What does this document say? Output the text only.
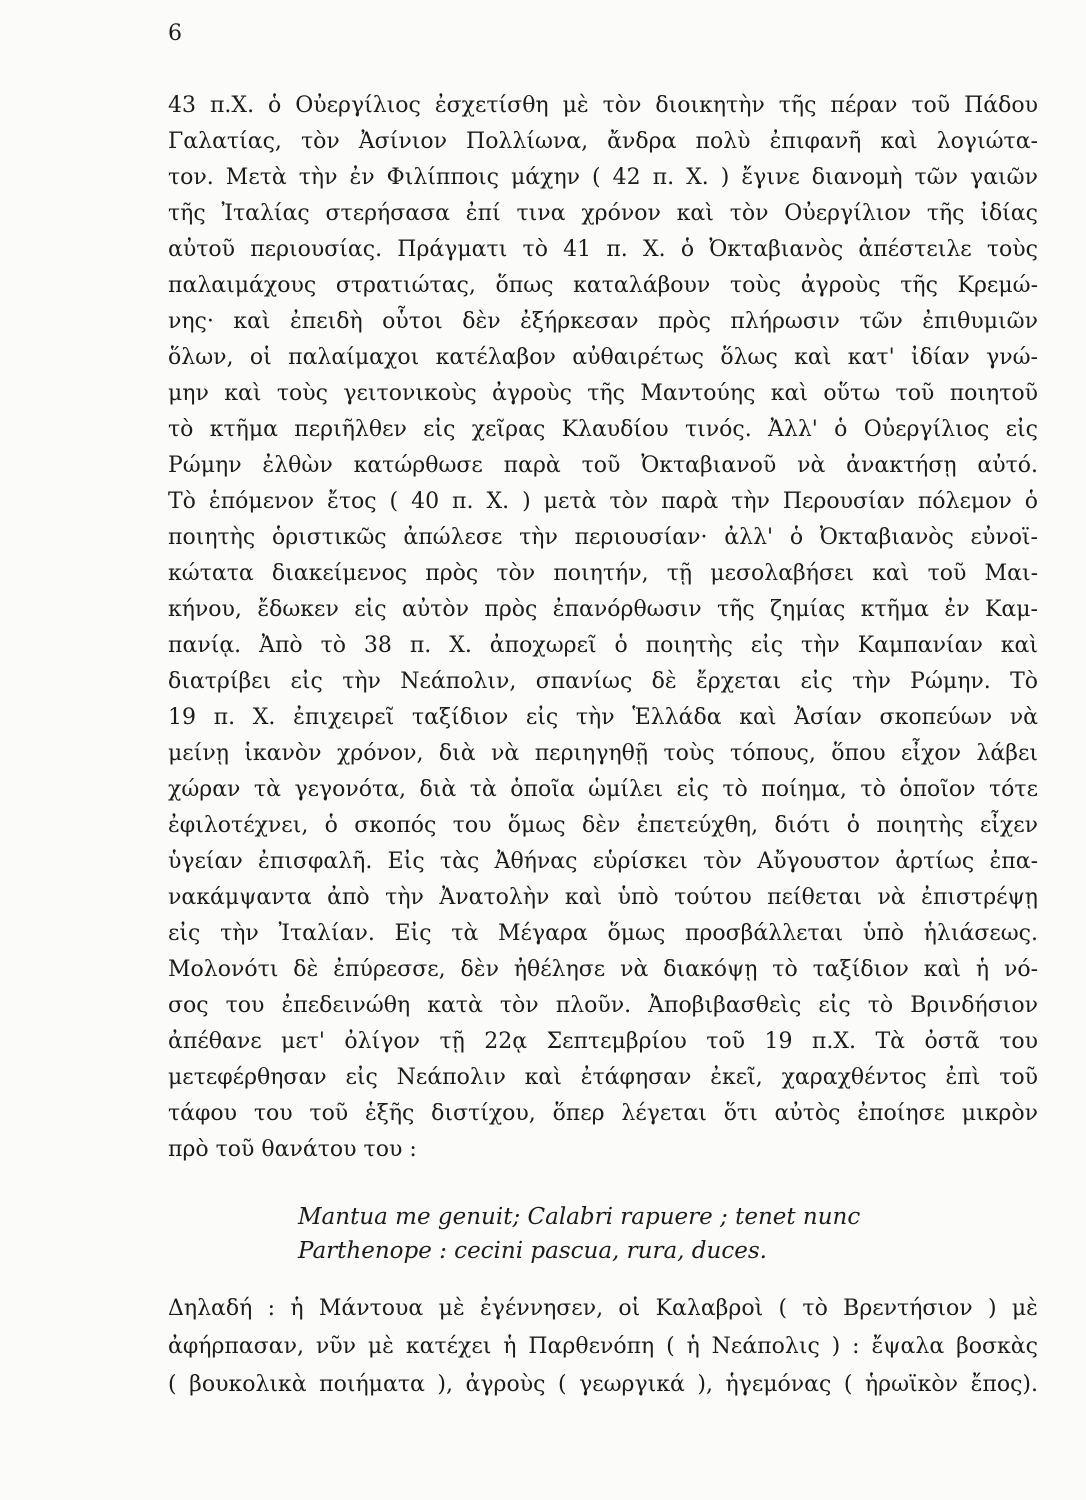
6
43 π.Χ. ὁ Οὐεργίλιος ἐσχετίσθη μὲ τὸν διοικητὴν τῆς πέραν τοῦ Πάδου
Γαλατίας, τὸν Ἀσίνιον Πολλίωνα, ἄνδρα πολὺ ἐπιφανῆ καὶ λογιώτα-
τον. Μετὰ τὴν ἐν Φιλίπποις μάχην ( 42 π. Χ. ) ἔγινε διανομὴ τῶν γαιῶν
τῆς Ἰταλίας στερήσασα ἐπί τινα χρόνον καὶ τὸν Οὐεργίλιον τῆς ἰδίας
αὐτοῦ περιουσίας. Πράγματι τὸ 41 π. Χ. ὁ Ὀκταβιανὸς ἀπέστειλε τοὺς
παλαιμάχους στρατιώτας, ὅπως καταλάβουν τοὺς ἀγροὺς τῆς Κρεμώ-
νης· καὶ ἐπειδὴ οὗτοι δὲν ἐξήρκεσαν πρὸς πλήρωσιν τῶν ἐπιθυμιῶν
ὅλων, οἱ παλαίμαχοι κατέλαβον αὐθαιρέτως ὅλως καὶ κατ' ἰδίαν γνώ-
μην καὶ τοὺς γειτονικοὺς ἀγροὺς τῆς Μαντούης καὶ οὕτω τοῦ ποιητοῦ
τὸ κτῆμα περιῆλθεν εἰς χεῖρας Κλαυδίου τινός. Ἀλλ' ὁ Οὐεργίλιος εἰς
Ρώμην ἐλθὼν κατώρθωσε παρὰ τοῦ Ὀκταβιανοῦ νὰ ἀνακτήσῃ αὐτό.
Τὸ ἑπόμενον ἔτος ( 40 π. Χ. ) μετὰ τὸν παρὰ τὴν Περουσίαν πόλεμον ὁ
ποιητὴς ὁριστικῶς ἀπώλεσε τὴν περιουσίαν· ἀλλ' ὁ Ὀκταβιανὸς εὐνοϊ-
κώτατα διακείμενος πρὸς τὸν ποιητήν, τῇ μεσολαβήσει καὶ τοῦ Μαι-
κήνου, ἔδωκεν εἰς αὐτὸν πρὸς ἐπανόρθωσιν τῆς ζημίας κτῆμα ἐν Καμ-
πανίᾳ. Ἀπὸ τὸ 38 π. Χ. ἀποχωρεῖ ὁ ποιητὴς εἰς τὴν Καμπανίαν καὶ
διατρίβει εἰς τὴν Νεάπολιν, σπανίως δὲ ἔρχεται εἰς τὴν Ρώμην. Τὸ
19 π. Χ. ἐπιχειρεῖ ταξίδιον εἰς τὴν Ἑλλάδα καὶ Ἀσίαν σκοπεύων νὰ
μείνῃ ἱκανὸν χρόνον, διὰ νὰ περιηγηθῇ τοὺς τόπους, ὅπου εἶχον λάβει
χώραν τὰ γεγονότα, διὰ τὰ ὁποῖα ὡμίλει εἰς τὸ ποίημα, τὸ ὁποῖον τότε
ἐφιλοτέχνει, ὁ σκοπός του ὅμως δὲν ἐπετεύχθη, διότι ὁ ποιητὴς εἶχεν
ὑγείαν ἐπισφαλῆ. Εἰς τὰς Ἀθήνας εὑρίσκει τὸν Αὔγουστον ἀρτίως ἐπα-
νακάμψαντα ἀπὸ τὴν Ἀνατολὴν καὶ ὑπὸ τούτου πείθεται νὰ ἐπιστρέψῃ
εἰς τὴν Ἰταλίαν. Εἰς τὰ Μέγαρα ὅμως προσβάλλεται ὑπὸ ἡλιάσεως.
Μολονότι δὲ ἐπύρεσσε, δὲν ἠθέλησε νὰ διακόψῃ τὸ ταξίδιον καὶ ἡ νό-
σος του ἐπεδεινώθη κατὰ τὸν πλοῦν. Ἀποβιβασθεὶς εἰς τὸ Βρινδήσιον
ἀπέθανε μετ' ὀλίγον τῇ 22ᾳ Σεπτεμβρίου τοῦ 19 π.Χ. Τὰ ὀστᾶ του
μετεφέρθησαν εἰς Νεάπολιν καὶ ἐτάφησαν ἐκεῖ, χαραχθέντος ἐπὶ τοῦ
τάφου του τοῦ ἑξῆς διστίχου, ὅπερ λέγεται ὅτι αὐτὸς ἐποίησε μικρὸν
πρὸ τοῦ θανάτου του :
Mantua me genuit; Calabri rapuere ; tenet nunc
Parthenope : cecini pascua, rura, duces.
Δηλαδή : ἡ Μάντουα μὲ ἐγέννησεν, οἱ Καλαβροὶ ( τὸ Βρεντήσιον ) μὲ
ἀφήρπασαν, νῦν μὲ κατέχει ἡ Παρθενόπη ( ἡ Νεάπολις ) : ἔψαλα βοσκὰς
( βουκολικὰ ποιήματα ), ἀγροὺς ( γεωργικά ), ἡγεμόνας ( ἡρωϊκὸν ἔπος).
